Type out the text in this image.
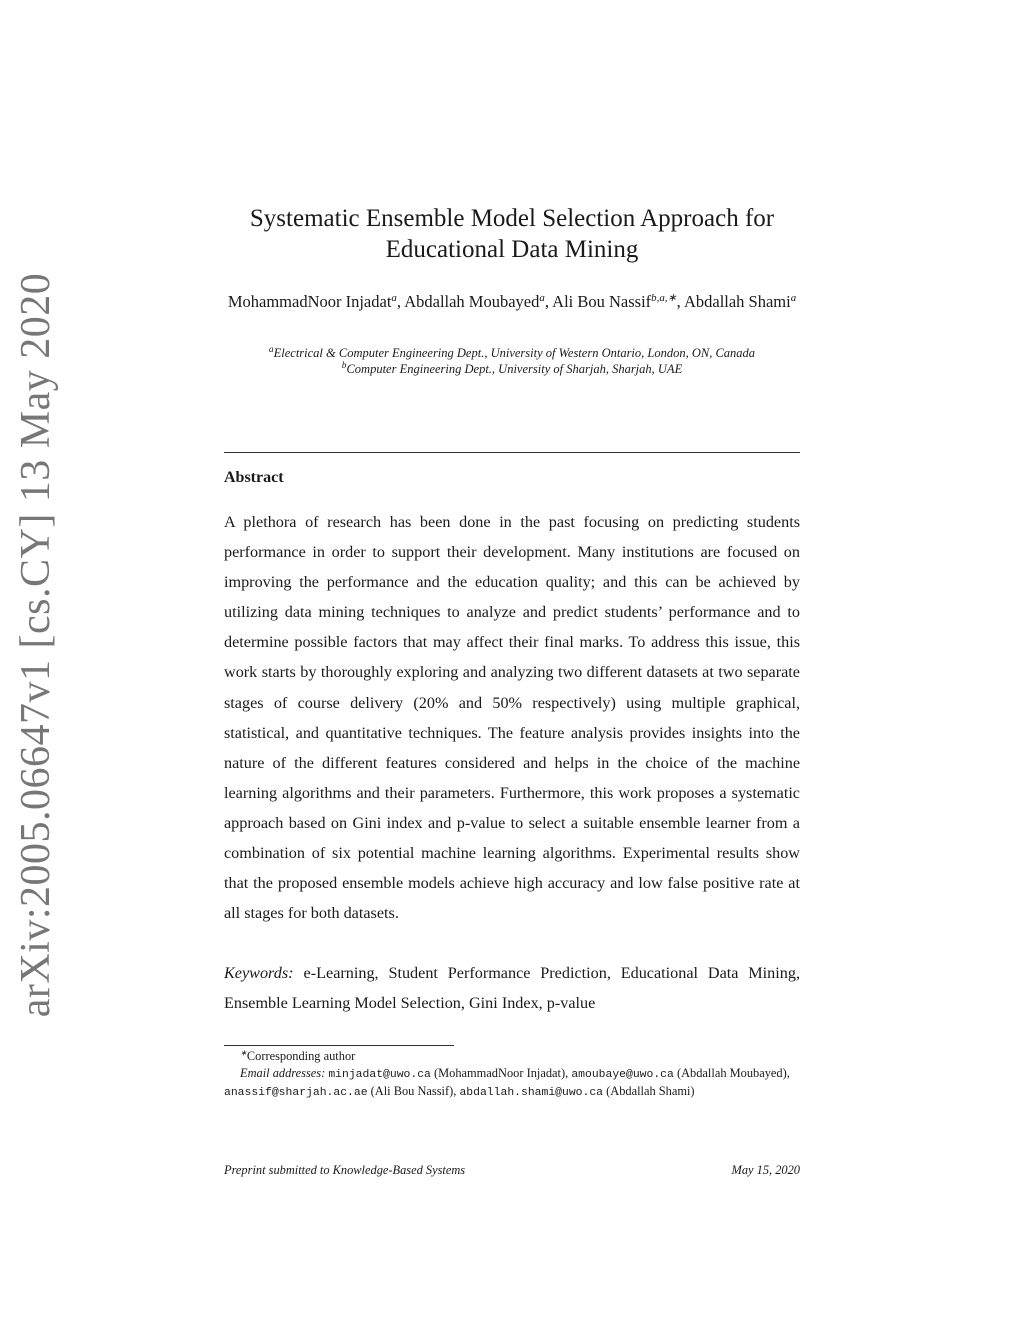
arXiv:2005.06647v1 [cs.CY] 13 May 2020
Systematic Ensemble Model Selection Approach for
Educational Data Mining
MohammadNoor Injadat$^a$, Abdallah Moubayed$^a$, Ali Bou Nassif$^{b,a,∗}$, Abdallah Shami$^a$
$^a$Electrical & Computer Engineering Dept., University of Western Ontario, London, ON, Canada
$^b$Computer Engineering Dept., University of Sharjah, Sharjah, UAE
Abstract
A plethora of research has been done in the past focusing on predicting students performance in order to support their development. Many institutions are focused on improving the performance and the education quality; and this can be achieved by utilizing data mining techniques to analyze and predict students’ performance and to determine possible factors that may affect their final marks. To address this issue, this work starts by thoroughly exploring and analyzing two different datasets at two separate stages of course delivery (20% and 50% respectively) using multiple graphical, statistical, and quantitative techniques. The feature analysis provides insights into the nature of the different features considered and helps in the choice of the machine learning algorithms and their parameters. Furthermore, this work proposes a systematic approach based on Gini index and p-value to select a suitable ensemble learner from a combination of six potential machine learning algorithms. Experimental results show that the proposed ensemble models achieve high accuracy and low false positive rate at all stages for both datasets.
Keywords: e-Learning, Student Performance Prediction, Educational Data Mining, Ensemble Learning Model Selection, Gini Index, p-value
∗Corresponding author
Email addresses: minjadat@uwo.ca (MohammadNoor Injadat), amoubaye@uwo.ca (Abdallah Moubayed), anassif@sharjah.ac.ae (Ali Bou Nassif), abdallah.shami@uwo.ca (Abdallah Shami)
Preprint submitted to Knowledge-Based Systems	May 15, 2020
